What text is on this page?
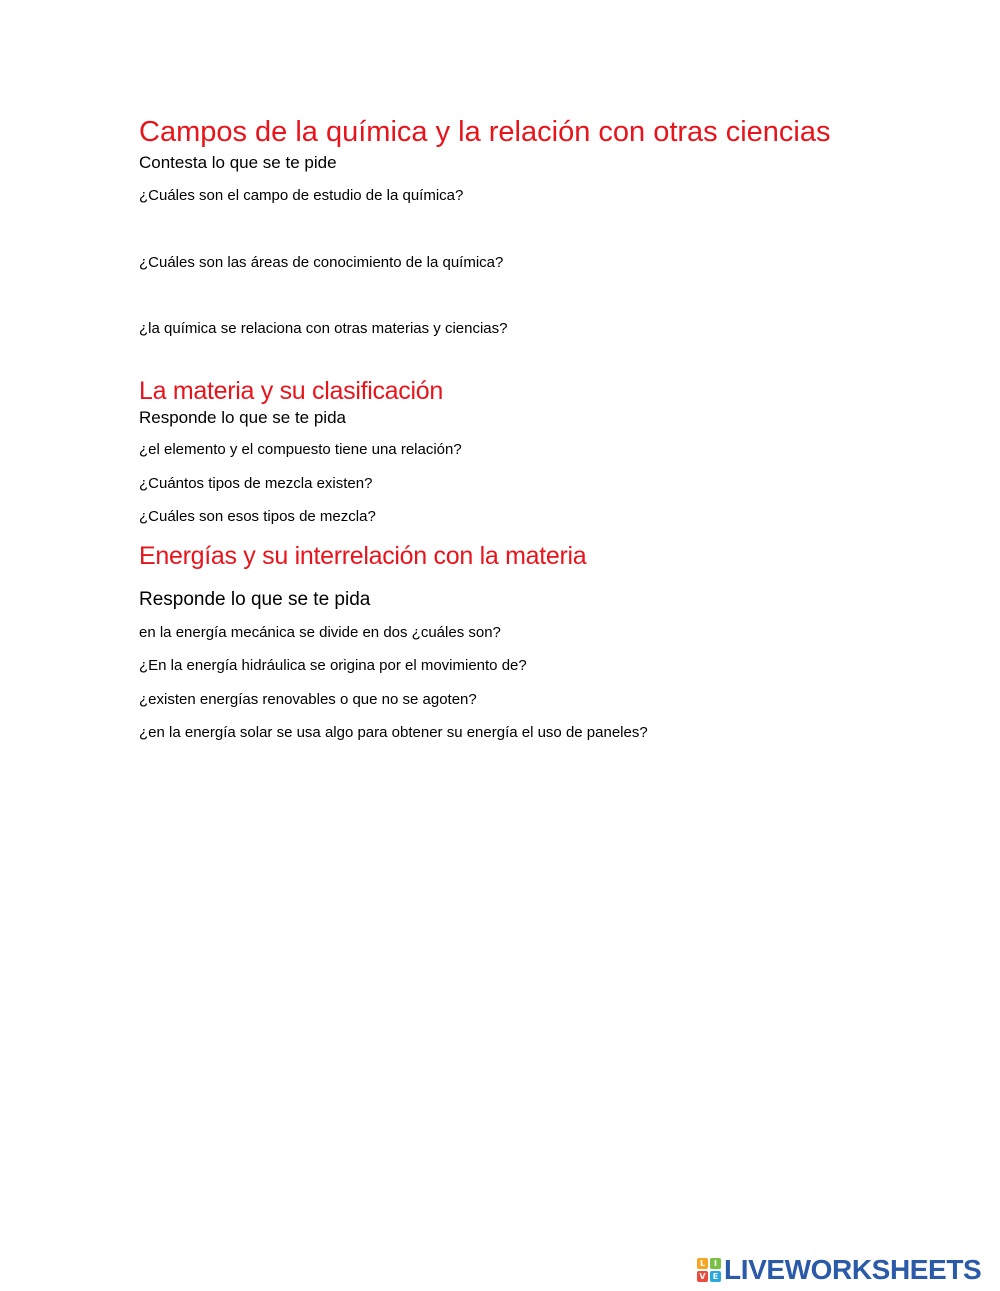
Campos de la química y la relación con otras ciencias
Contesta lo que se te pide
¿Cuáles son el campo de estudio de la química?
¿Cuáles son las áreas de conocimiento de la química?
¿la química se relaciona con otras materias y ciencias?
La materia y su clasificación
Responde lo que se te pida
¿el elemento y el compuesto tiene una relación?
¿Cuántos tipos de mezcla existen?
¿Cuáles son esos tipos de mezcla?
Energías y su interrelación con la materia
Responde lo que se te pida
en la energía mecánica se divide en dos ¿cuáles son?
¿En la energía hidráulica se origina por el movimiento de?
¿existen energías renovables o que no se agoten?
¿en la energía solar se usa algo para obtener su energía el uso de paneles?
L	I
V E LIVEWORKSHEETS
